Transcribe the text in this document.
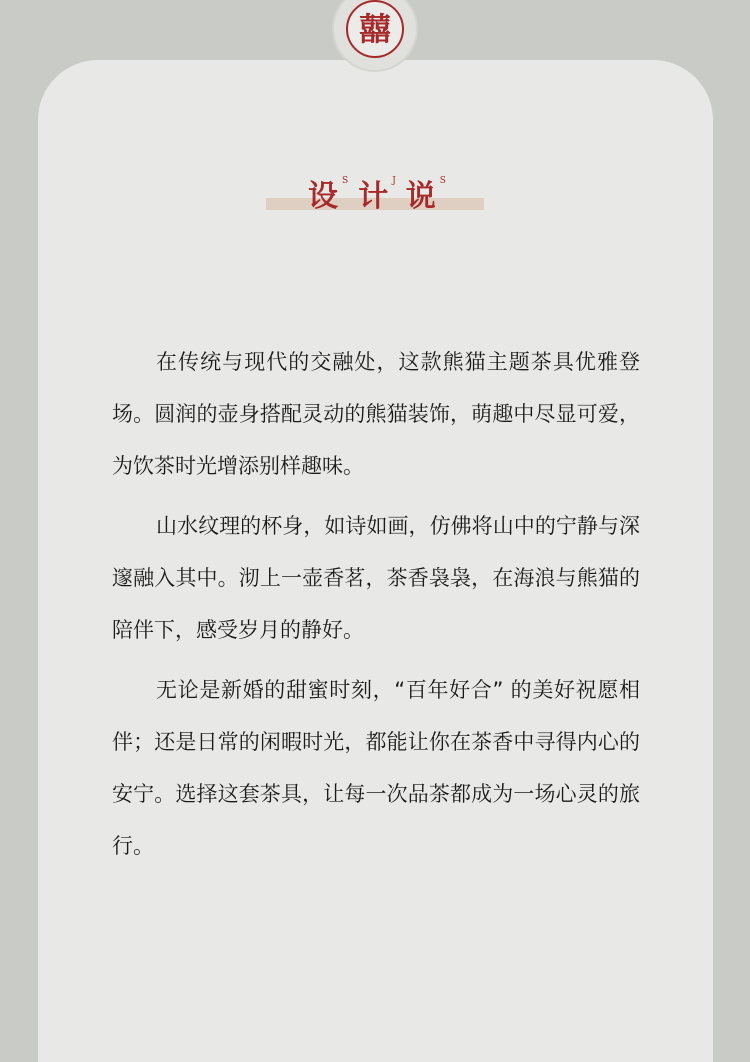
囍
设 S 计 J 说 S

在传统与现代的交融处，这款熊猫主题茶具优雅登场。圆润的壶身搭配灵动的熊猫装饰，萌趣中尽显可爱，为饮茶时光增添别样趣味。

山水纹理的杯身，如诗如画，仿佛将山中的宁静与深邃融入其中。沏上一壶香茗，茶香袅袅，在海浪与熊猫的陪伴下，感受岁月的静好。

无论是新婚的甜蜜时刻，“百年好合” 的美好祝愿相伴；还是日常的闲暇时光，都能让你在茶香中寻得内心的安宁。选择这套茶具，让每一次品茶都成为一场心灵的旅行。
